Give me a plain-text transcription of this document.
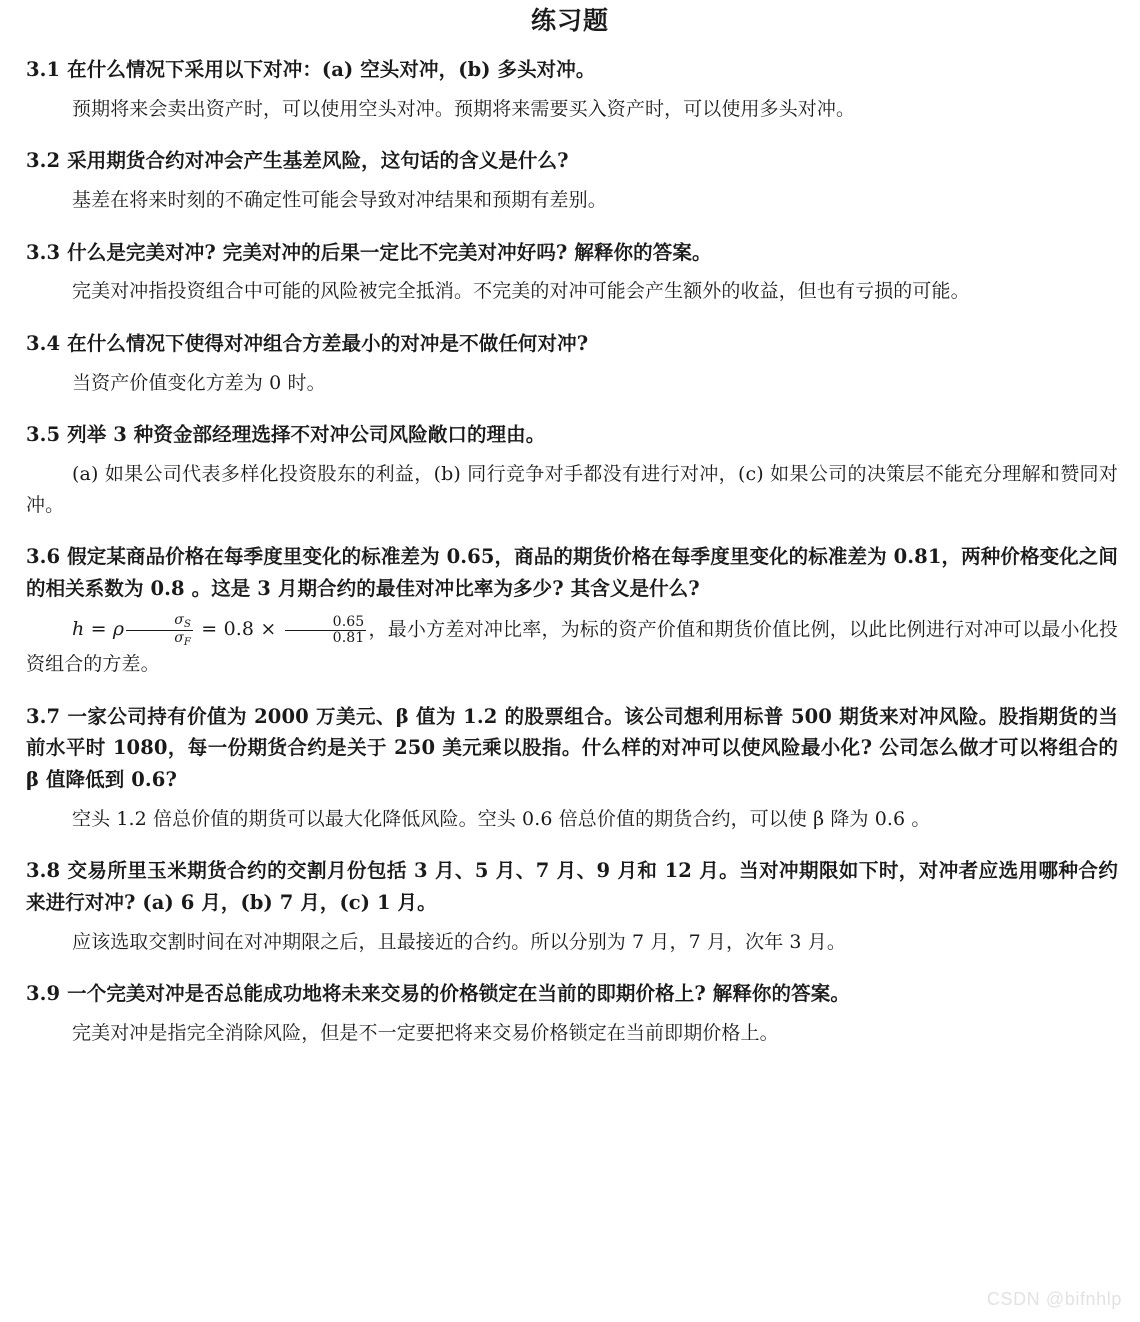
练习题

3.1 在什么情况下采用以下对冲：(a) 空头对冲，(b) 多头对冲。

预期将来会卖出资产时，可以使用空头对冲。预期将来需要买入资产时，可以使用多头对冲。

3.2 采用期货合约对冲会产生基差风险，这句话的含义是什么?

基差在将来时刻的不确定性可能会导致对冲结果和预期有差别。

3.3 什么是完美对冲? 完美对冲的后果一定比不完美对冲好吗? 解释你的答案。

完美对冲指投资组合中可能的风险被完全抵消。不完美的对冲可能会产生额外的收益，但也有亏损的可能。

3.4 在什么情况下使得对冲组合方差最小的对冲是不做任何对冲?

当资产价值变化方差为 0 时。

3.5 列举 3 种资金部经理选择不对冲公司风险敞口的理由。

(a) 如果公司代表多样化投资股东的利益，(b) 同行竞争对手都没有进行对冲，(c) 如果公司的决策层不能充分理解和赞同对冲。

3.6 假定某商品价格在每季度里变化的标准差为 0.65，商品的期货价格在每季度里变化的标准差为 0.81，两种价格变化之间的相关系数为 0.8 。这是 3 月期合约的最佳对冲比率为多少? 其含义是什么?

h = ρ $\frac{\sigma_S}{\sigma_F} = 0.8 \times \frac{0.65}{0.81}$ ，最小方差对冲比率，为标的资产价值和期货价值比例，以此比例进行对冲可以最小化投资组合的方差。

3.7 一家公司持有价值为 2000 万美元、β 值为 1.2 的股票组合。该公司想利用标普 500 期货来对冲风险。股指期货的当前水平时 1080，每一份期货合约是关于 250 美元乘以股指。什么样的对冲可以使风险最小化? 公司怎么做才可以将组合的 β 值降低到 0.6?

空头 1.2 倍总价值的期货可以最大化降低风险。空头 0.6 倍总价值的期货合约，可以使 β 降为 0.6 。

3.8 交易所里玉米期货合约的交割月份包括 3 月、5 月、7 月、9 月和 12 月。当对冲期限如下时，对冲者应选用哪种合约来进行对冲? (a) 6 月，(b) 7 月，(c) 1 月。

应该选取交割时间在对冲期限之后，且最接近的合约。所以分别为 7 月，7 月，次年 3 月。

3.9 一个完美对冲是否总能成功地将未来交易的价格锁定在当前的即期价格上? 解释你的答案。

完美对冲是指完全消除风险，但是不一定要把将来交易价格锁定在当前即期价格上。

CSDN @bifnhlp
